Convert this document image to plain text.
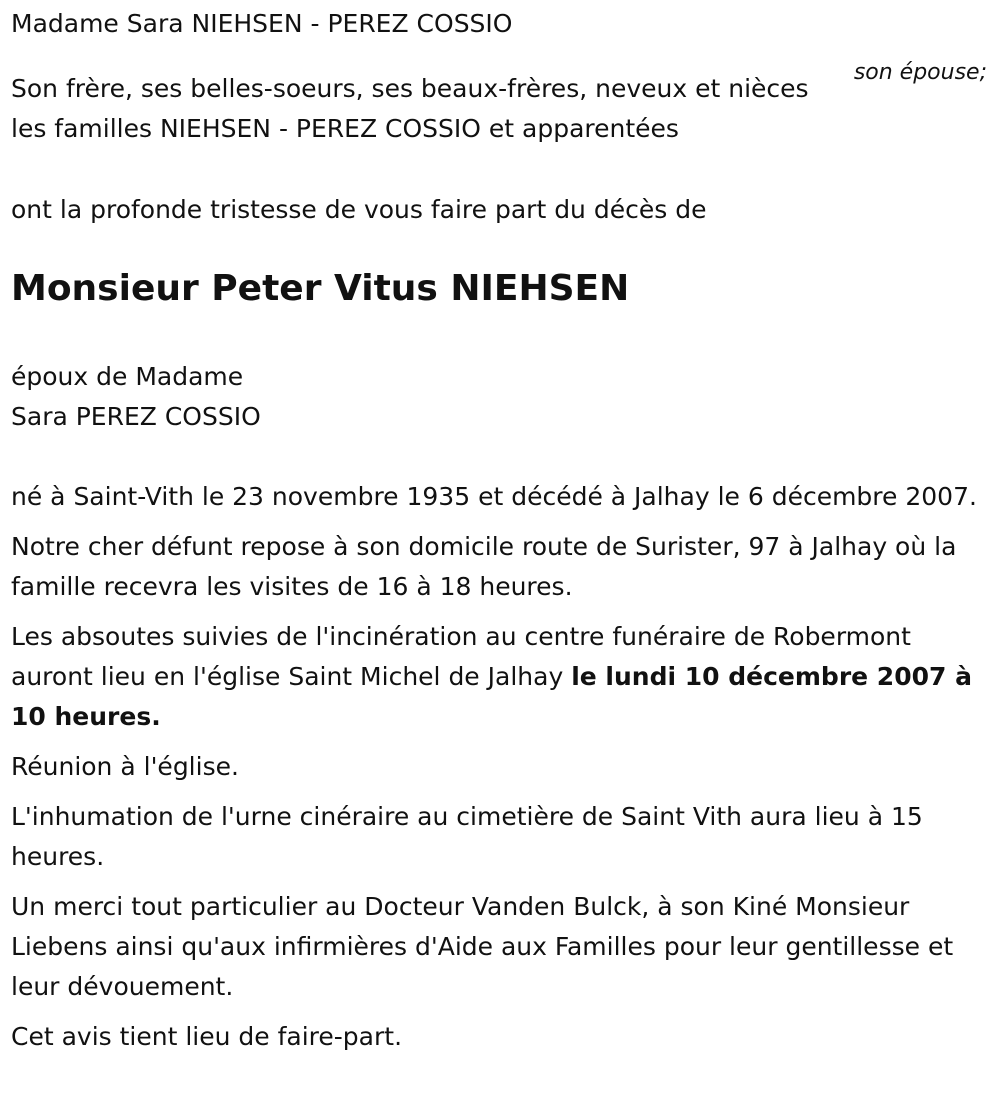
Madame Sara NIEHSEN - PEREZ COSSIO

son épouse;

Son frère, ses belles-soeurs, ses beaux-frères, neveux et nièces

les familles NIEHSEN - PEREZ COSSIO et apparentées

ont la profonde tristesse de vous faire part du décès de

Monsieur Peter Vitus NIEHSEN

époux de Madame

Sara PEREZ COSSIO

né à Saint-Vith le 23 novembre 1935 et décédé à Jalhay le 6 décembre 2007.

Notre cher défunt repose à son domicile route de Surister, 97 à Jalhay où la famille recevra les visites de 16 à 18 heures.

Les absoutes suivies de l'incinération au centre funéraire de Robermont auront lieu en l'église Saint Michel de Jalhay le lundi 10 décembre 2007 à 10 heures.

Réunion à l'église.

L'inhumation de l'urne cinéraire au cimetière de Saint Vith aura lieu à 15 heures.

Un merci tout particulier au Docteur Vanden Bulck, à son Kiné Monsieur Liebens ainsi qu'aux infirmières d'Aide aux Familles pour leur gentillesse et leur dévouement.

Cet avis tient lieu de faire-part.
